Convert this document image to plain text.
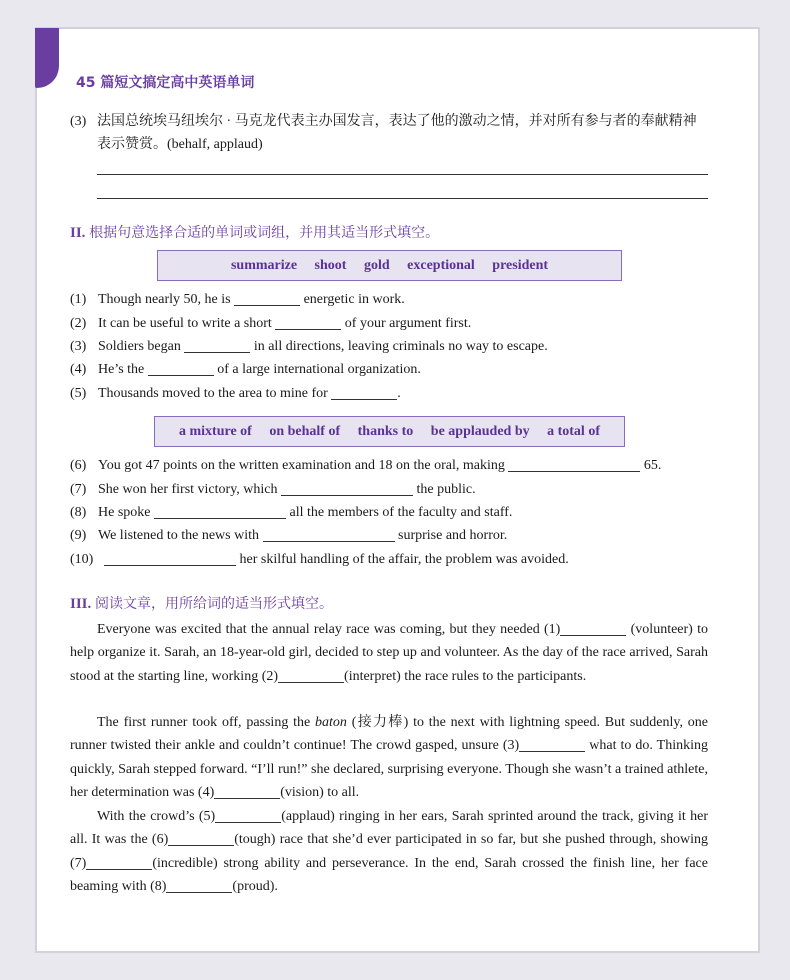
45 篇短文搞定高中英语单词
(3) 法国总统埃马纽埃尔 · 马克龙代表主办国发言，表达了他的激动之情，并对所有参与者的奉献精神表示赞赏。(behalf, applaud)
II. 根据句意选择合适的单词或词组，并用其适当形式填空。
summarize shoot gold exceptional president
(1) Though nearly 50, he is	energetic in work.
(2) It can be useful to write a short	of your argument first.
(3) Soldiers began	in all directions, leaving criminals no way to escape.
(4) He’s the	of a large international organization.
(5) Thousands moved to the area to mine for	.
a mixture of on behalf of thanks to be applauded by a total of
(6) You got 47 points on the written examination and 18 on the oral, making	65.
(7) She won her first victory, which	the public.
(8) He spoke	all the members of the faculty and staff.
(9) We listened to the news with	surprise and horror.
(10)	her skilful handling of the affair, the problem was avoided.
III. 阅读文章，用所给词的适当形式填空。

Everyone was excited that the annual relay race was coming, but they needed (1)	(volunteer) to help organize it. Sarah, an 18-year-old girl, decided to step up and volunteer. As the day of the race arrived, Sarah stood at the starting line, working (2)	(interpret) the race rules to the participants.

The first runner took off, passing the baton (接力棒) to the next with lightning speed. But suddenly, one runner twisted their ankle and couldn’t continue! The crowd gasped, unsure (3)	what to do. Thinking quickly, Sarah stepped forward. “I’ll run!” she declared, surprising everyone. Though she wasn’t a trained athlete, her determination was (4)	(vision) to all.

With the crowd’s (5)	(applaud) ringing in her ears, Sarah sprinted around the track, giving it her all. It was the (6)	(tough) race that she’d ever participated in so far, but she pushed through, showing (7)	(incredible) strong ability and perseverance. In the end, Sarah crossed the finish line, her face beaming with (8)	(proud).
